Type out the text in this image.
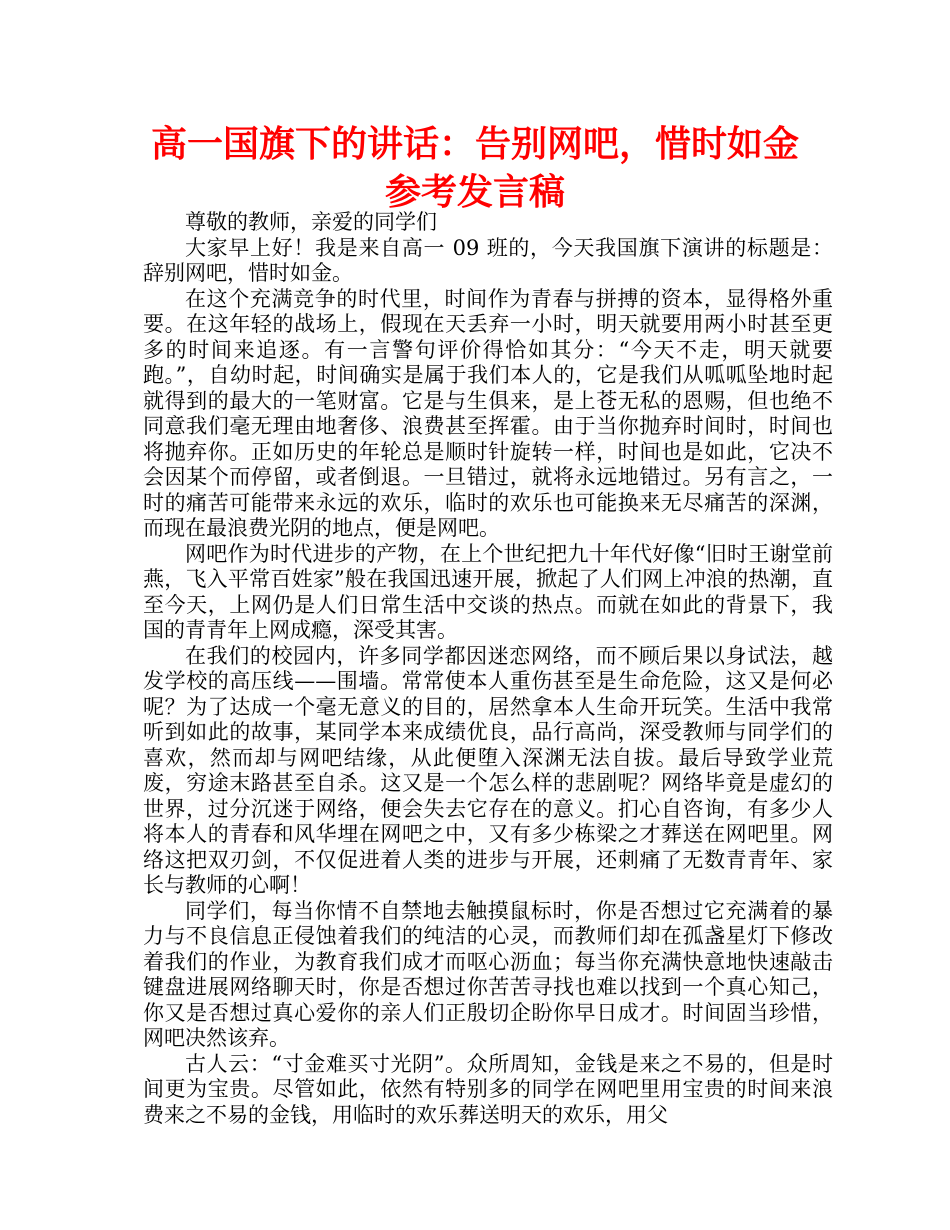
高一国旗下的讲话：告别网吧，惜时如金
参考发言稿

尊敬的教师，亲爱的同学们

大家早上好！我是来自高一 09 班的，今天我国旗下演讲的标题是：辞别网吧，惜时如金。

在这个充满竞争的时代里，时间作为青春与拼搏的资本，显得格外重要。在这年轻的战场上，假现在天丢弃一小时，明天就要用两小时甚至更多的时间来追逐。有一言警句评价得恰如其分：“今天不走，明天就要跑。”，自幼时起，时间确实是属于我们本人的，它是我们从呱呱坠地时起就得到的最大的一笔财富。它是与生俱来，是上苍无私的恩赐，但也绝不同意我们毫无理由地奢侈、浪费甚至挥霍。由于当你抛弃时间时，时间也将抛弃你。正如历史的年轮总是顺时针旋转一样，时间也是如此，它决不会因某个而停留，或者倒退。一旦错过，就将永远地错过。另有言之，一时的痛苦可能带来永远的欢乐，临时的欢乐也可能换来无尽痛苦的深渊，而现在最浪费光阴的地点，便是网吧。

网吧作为时代进步的产物，在上个世纪把九十年代好像“旧时王谢堂前燕，飞入平常百姓家”般在我国迅速开展，掀起了人们网上冲浪的热潮，直至今天，上网仍是人们日常生活中交谈的热点。而就在如此的背景下，我国的青青年上网成瘾，深受其害。

在我们的校园内，许多同学都因迷恋网络，而不顾后果以身试法，越发学校的高压线——围墙。常常使本人重伤甚至是生命危险，这又是何必呢？为了达成一个毫无意义的目的，居然拿本人生命开玩笑。生活中我常听到如此的故事，某同学本来成绩优良，品行高尚，深受教师与同学们的喜欢，然而却与网吧结缘，从此便堕入深渊无法自拔。最后导致学业荒废，穷途末路甚至自杀。这又是一个怎么样的悲剧呢？网络毕竟是虚幻的世界，过分沉迷于网络，便会失去它存在的意义。扪心自咨询，有多少人将本人的青春和风华埋在网吧之中，又有多少栋梁之才葬送在网吧里。网络这把双刃剑，不仅促进着人类的进步与开展，还刺痛了无数青青年、家长与教师的心啊！

同学们，每当你情不自禁地去触摸鼠标时，你是否想过它充满着的暴力与不良信息正侵蚀着我们的纯洁的心灵，而教师们却在孤盏星灯下修改着我们的作业，为教育我们成才而呕心沥血；每当你充满快意地快速敲击键盘进展网络聊天时，你是否想过你苦苦寻找也难以找到一个真心知己，你又是否想过真心爱你的亲人们正殷切企盼你早日成才。时间固当珍惜，网吧决然该弃。

古人云：“寸金难买寸光阴”。众所周知，金钱是来之不易的，但是时间更为宝贵。尽管如此，依然有特别多的同学在网吧里用宝贵的时间来浪费来之不易的金钱，用临时的欢乐葬送明天的欢乐，用父
